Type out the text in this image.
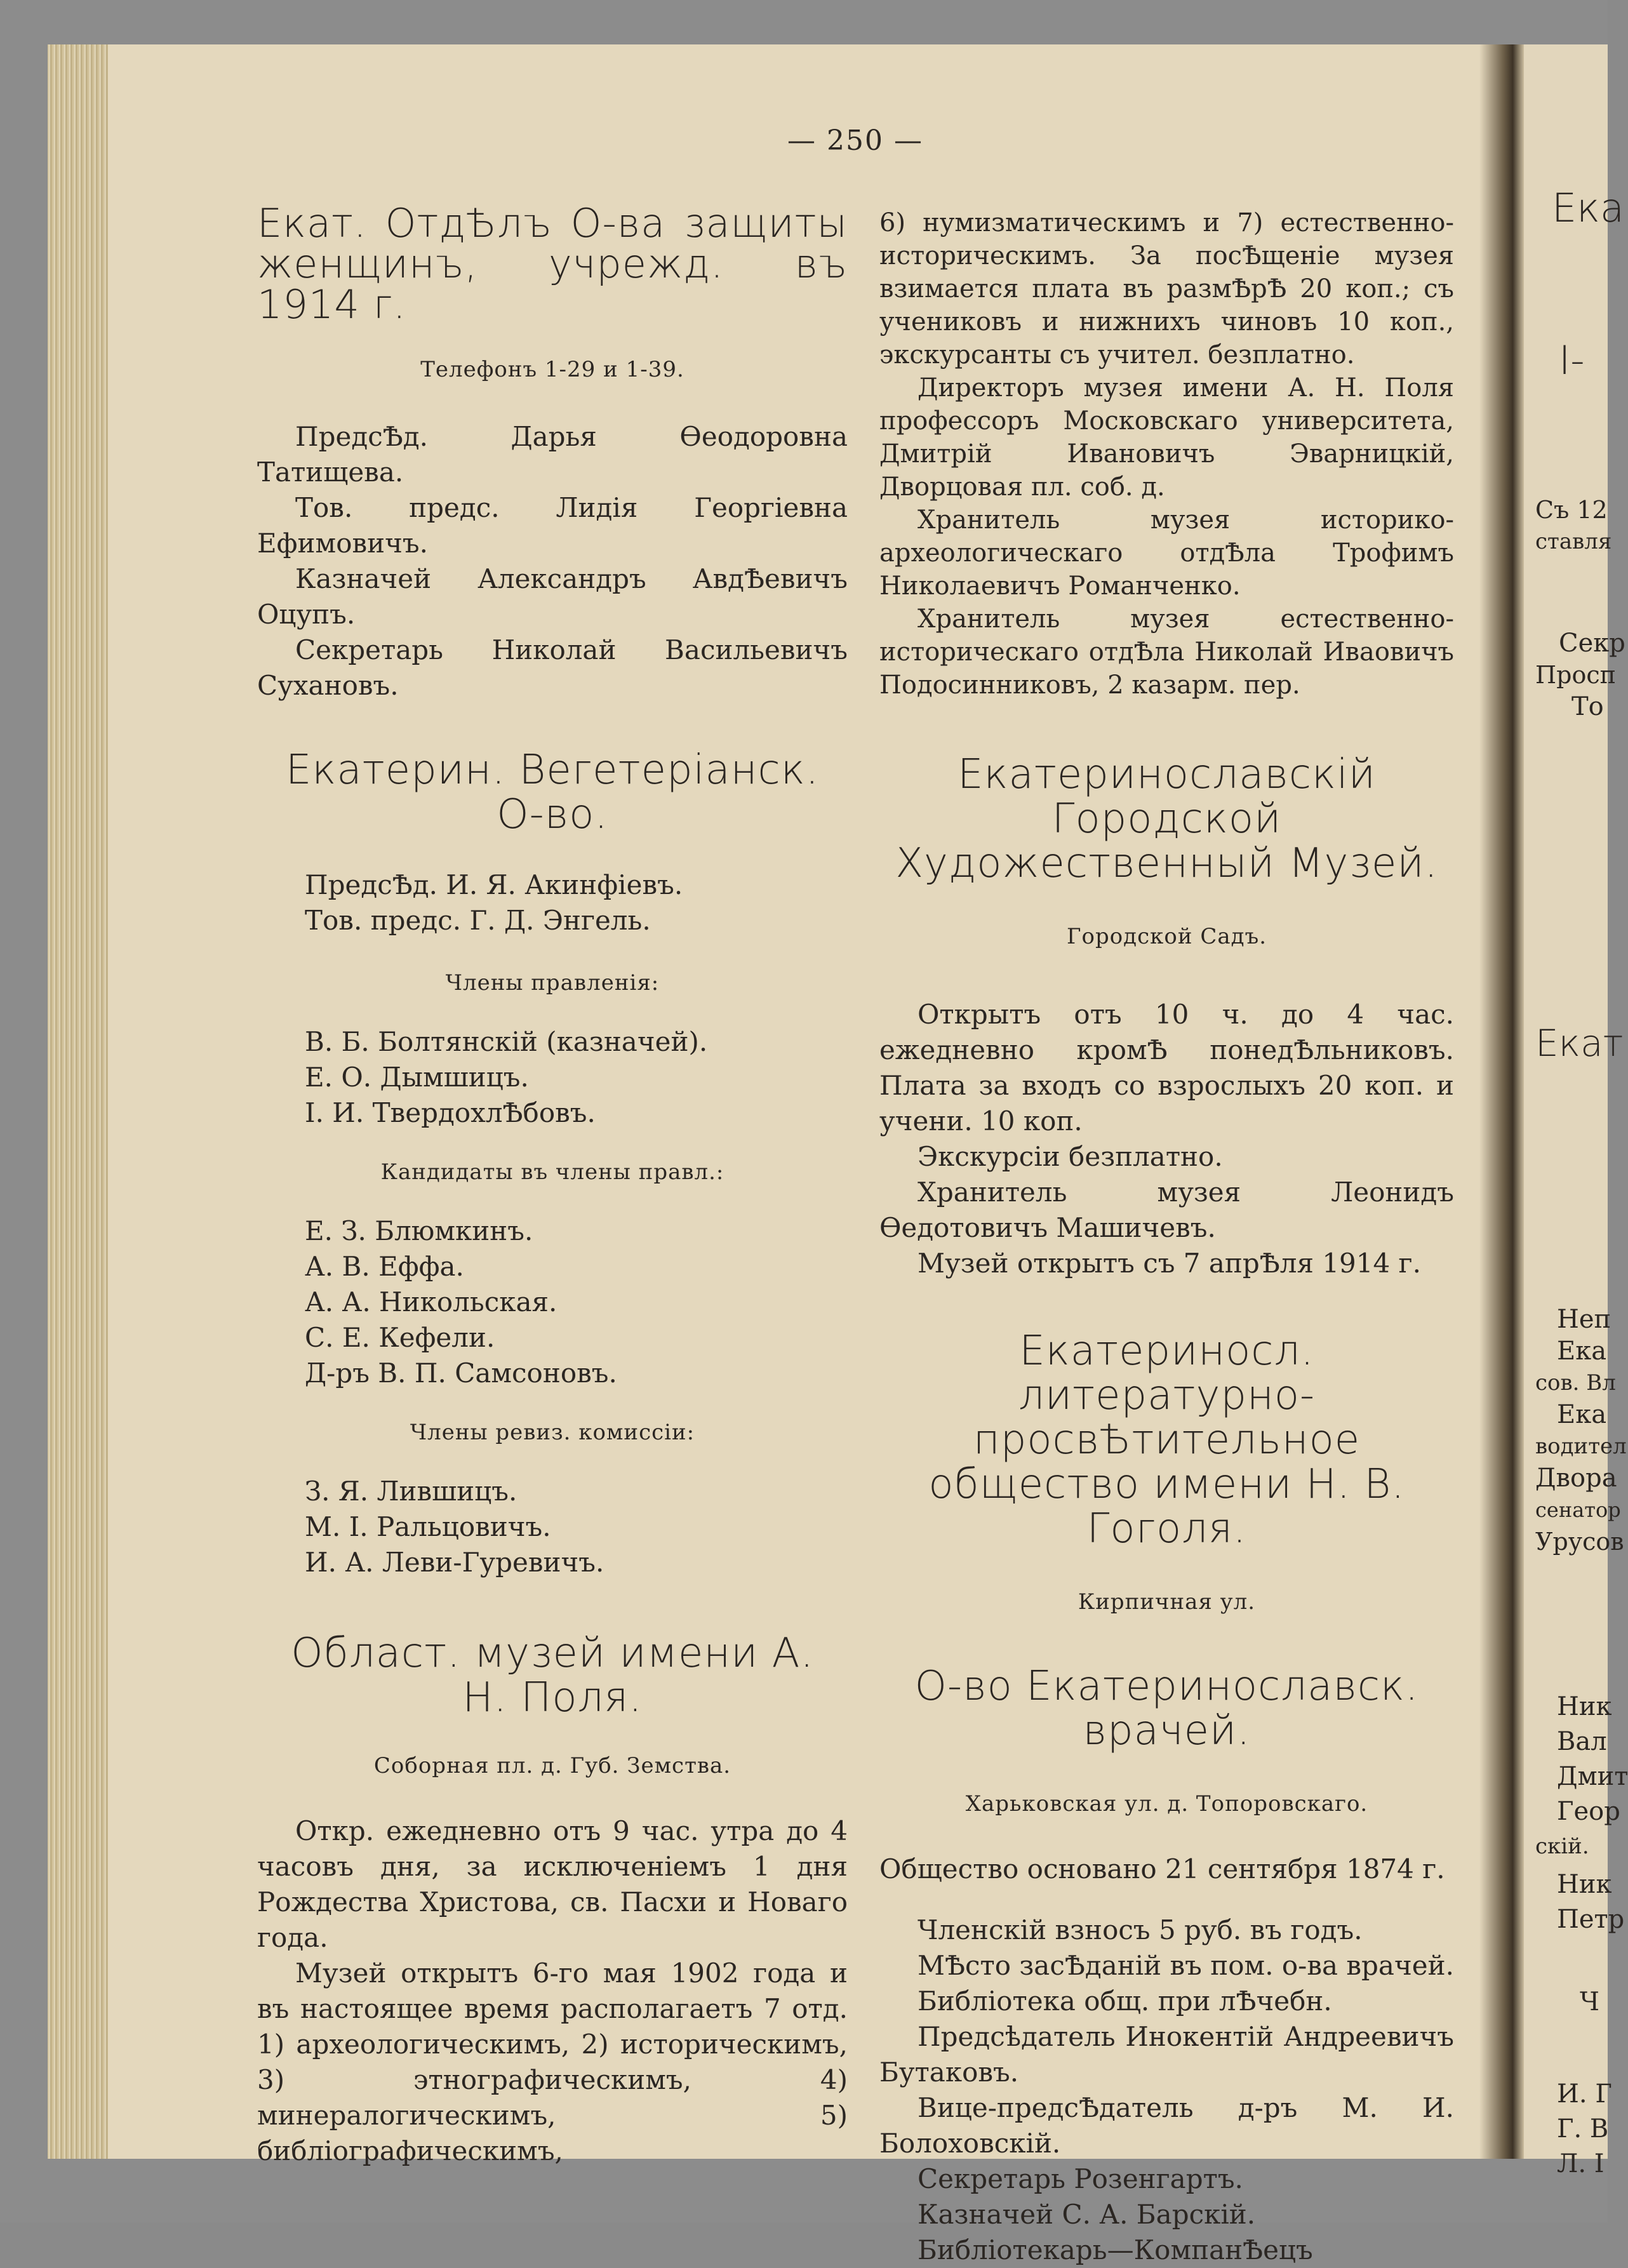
— 250 —

Екат. ОтдѢлъ О-ва защиты женщинъ, учрежд. въ 1914 г.

Телефонъ 1-29 и 1-39.

ПредсѢд. Дарья Ѳеодоровна Татищева.

Тов. предс. Лидія Георгіевна Ефимовичъ.

Казначей Александръ АвдѢевичъ Оцупъ.

Секретарь Николай Васильевичъ Сухановъ.

Екатерин. Вегетеріанск. О-во.

ПредсѢд. И. Я. Акинфіевъ.

Тов. предс. Г. Д. Энгель.

Члены правленія:

В. Б. Болтянскій (казначей).

Е. О. Дымшицъ.

І. И. ТвердохлѢбовъ.

Кандидаты въ члены правл.:

Е. З. Блюмкинъ.

А. В. Еффа.

А. А. Никольская.

С. Е. Кефели.

Д-ръ В. П. Самсоновъ.

Члены ревиз. комиссіи:

З. Я. Лившицъ.

М. І. Ральцовичъ.

И. А. Леви-Гуревичъ.

Област. музей имени А. Н. Поля.

Соборная пл. д. Губ. Земства.

Откр. ежедневно отъ 9 час. утра до 4 часовъ дня, за исключеніемъ 1 дня Рождества Христова, св. Пасхи и Новаго года.

Музей открытъ 6-го мая 1902 года и въ настоящее время располагаетъ 7 отд. 1) археологическимъ, 2) историческимъ, 3) этнографическимъ, 4) минералогическимъ, 5) библіографическимъ,

6) нумизматическимъ и 7) естественно-историческимъ. За посѢщеніе музея взимается плата въ размѢрѢ 20 коп.; съ учениковъ и нижнихъ чиновъ 10 коп., экскурсанты съ учител. безплатно.

Директоръ музея имени А. Н. Поля профессоръ Московскаго университета, Дмитрій Ивановичъ Эварницкій, Дворцовая пл. соб. д.

Хранитель музея историко-археологическаго отдѢла Трофимъ Николаевичъ Романченко.

Хранитель музея естественно-историческаго отдѢла Николай Иваовичъ Подосинниковъ, 2 казарм. пер.

Екатеринославскій Городской Художественный Музей.

Городской Садъ.

Открытъ отъ 10 ч. до 4 час. ежедневно кромѢ понедѢльниковъ. Плата за входъ со взрослыхъ 20 коп. и учени. 10 коп.

Экскурсіи безплатно.

Хранитель музея Леонидъ Ѳедотовичъ Машичевъ.

Музей открытъ съ 7 апрѢля 1914 г.

Екатериносл. литературно-просвѢтительное общество имени Н. В. Гоголя.

Кирпичная ул.

О-во Екатеринославск. врачей.

Харьковская ул. д. Топоровскаго.

Общество основано 21 сентября 1874 г.

Членскій взносъ 5 руб. въ годъ.

МѢсто засѢданій въ пом. о-ва врачей.

Библіотека общ. при лѢчебн.

Предсѣдатель Инокентій Андреевичъ Бутаковъ.

Вице-предсѢдатель д-ръ М. И. Болоховскій.

Секретарь Розенгартъ.

Казначей С. А. Барскій.

Библіотекарь—КомпанѢецъ

Ека
І-
Съ 12
ставля
Секр
Просп
То
Екат
Неп
Ека
сов. Вл
Ека
водител
Двора
сенатор
Урусов
Ник
Вал
Дмит
Геор
скій.
Ник
Петр
Ч
И. Г
Г. В
Л. І
